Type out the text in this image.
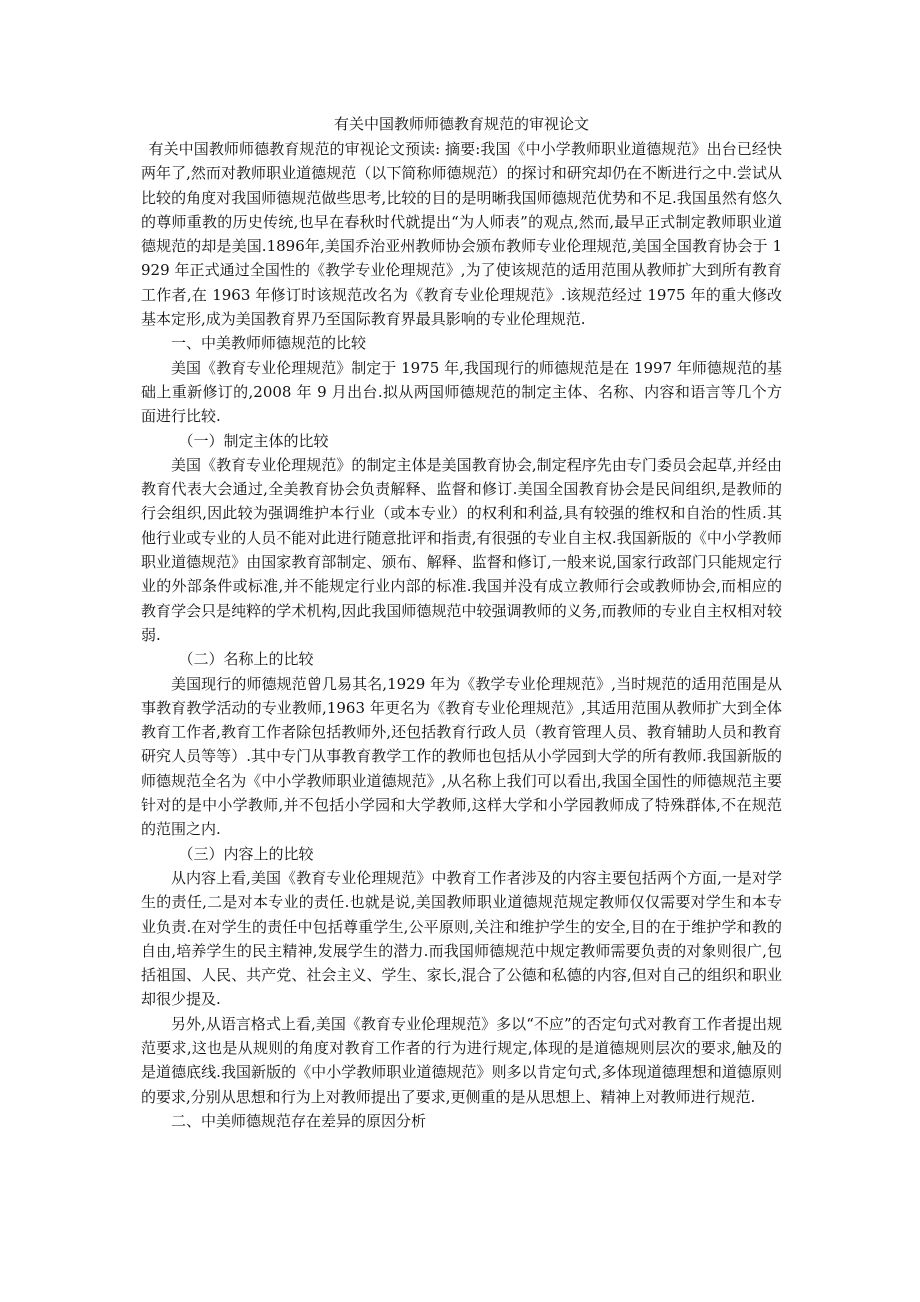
有关中国教师师德教育规范的审视论文

有关中国教师师德教育规范的审视论文预读: 摘要:我国《中小学教师职业道德规范》出台已经快两年了,然而对教师职业道德规范（以下简称师德规范）的探讨和研究却仍在不断进行之中.尝试从比较的角度对我国师德规范做些思考,比较的目的是明晰我国师德规范优势和不足.我国虽然有悠久的尊师重教的历史传统,也早在春秋时代就提出“为人师表”的观点,然而,最早正式制定教师职业道德规范的却是美国.1896年,美国乔治亚州教师协会颁布教师专业伦理规范,美国全国教育协会于 1929 年正式通过全国性的《教学专业伦理规范》,为了使该规范的适用范围从教师扩大到所有教育工作者,在 1963 年修订时该规范改名为《教育专业伦理规范》.该规范经过 1975 年的重大修改基本定形,成为美国教育界乃至国际教育界最具影响的专业伦理规范.

一、中美教师师德规范的比较

美国《教育专业伦理规范》制定于 1975 年,我国现行的师德规范是在 1997 年师德规范的基础上重新修订的,2008 年 9 月出台.拟从两国师德规范的制定主体、名称、内容和语言等几个方面进行比较.

（一）制定主体的比较

美国《教育专业伦理规范》的制定主体是美国教育协会,制定程序先由专门委员会起草,并经由教育代表大会通过,全美教育协会负责解释、监督和修订.美国全国教育协会是民间组织,是教师的行会组织,因此较为强调维护本行业（或本专业）的权利和利益,具有较强的维权和自治的性质.其他行业或专业的人员不能对此进行随意批评和指责,有很强的专业自主权.我国新版的《中小学教师职业道德规范》由国家教育部制定、颁布、解释、监督和修订,一般来说,国家行政部门只能规定行业的外部条件或标准,并不能规定行业内部的标准.我国并没有成立教师行会或教师协会,而相应的教育学会只是纯粹的学术机构,因此我国师德规范中较强调教师的义务,而教师的专业自主权相对较弱.

（二）名称上的比较

美国现行的师德规范曾几易其名,1929 年为《教学专业伦理规范》,当时规范的适用范围是从事教育教学活动的专业教师,1963 年更名为《教育专业伦理规范》,其适用范围从教师扩大到全体教育工作者,教育工作者除包括教师外,还包括教育行政人员（教育管理人员、教育辅助人员和教育研究人员等等）.其中专门从事教育教学工作的教师也包括从小学园到大学的所有教师.我国新版的师德规范全名为《中小学教师职业道德规范》,从名称上我们可以看出,我国全国性的师德规范主要针对的是中小学教师,并不包括小学园和大学教师,这样大学和小学园教师成了特殊群体,不在规范的范围之内.

（三）内容上的比较

从内容上看,美国《教育专业伦理规范》中教育工作者涉及的内容主要包括两个方面,一是对学生的责任,二是对本专业的责任.也就是说,美国教师职业道德规范规定教师仅仅需要对学生和本专业负责.在对学生的责任中包括尊重学生,公平原则,关注和维护学生的安全,目的在于维护学和教的自由,培养学生的民主精神,发展学生的潜力.而我国师德规范中规定教师需要负责的对象则很广,包括祖国、人民、共产党、社会主义、学生、家长,混合了公德和私德的内容,但对自己的组织和职业却很少提及.

另外,从语言格式上看,美国《教育专业伦理规范》多以“不应”的否定句式对教育工作者提出规范要求,这也是从规则的角度对教育工作者的行为进行规定,体现的是道德规则层次的要求,触及的是道德底线.我国新版的《中小学教师职业道德规范》则多以肯定句式,多体现道德理想和道德原则的要求,分别从思想和行为上对教师提出了要求,更侧重的是从思想上、精神上对教师进行规范.

二、中美师德规范存在差异的原因分析
